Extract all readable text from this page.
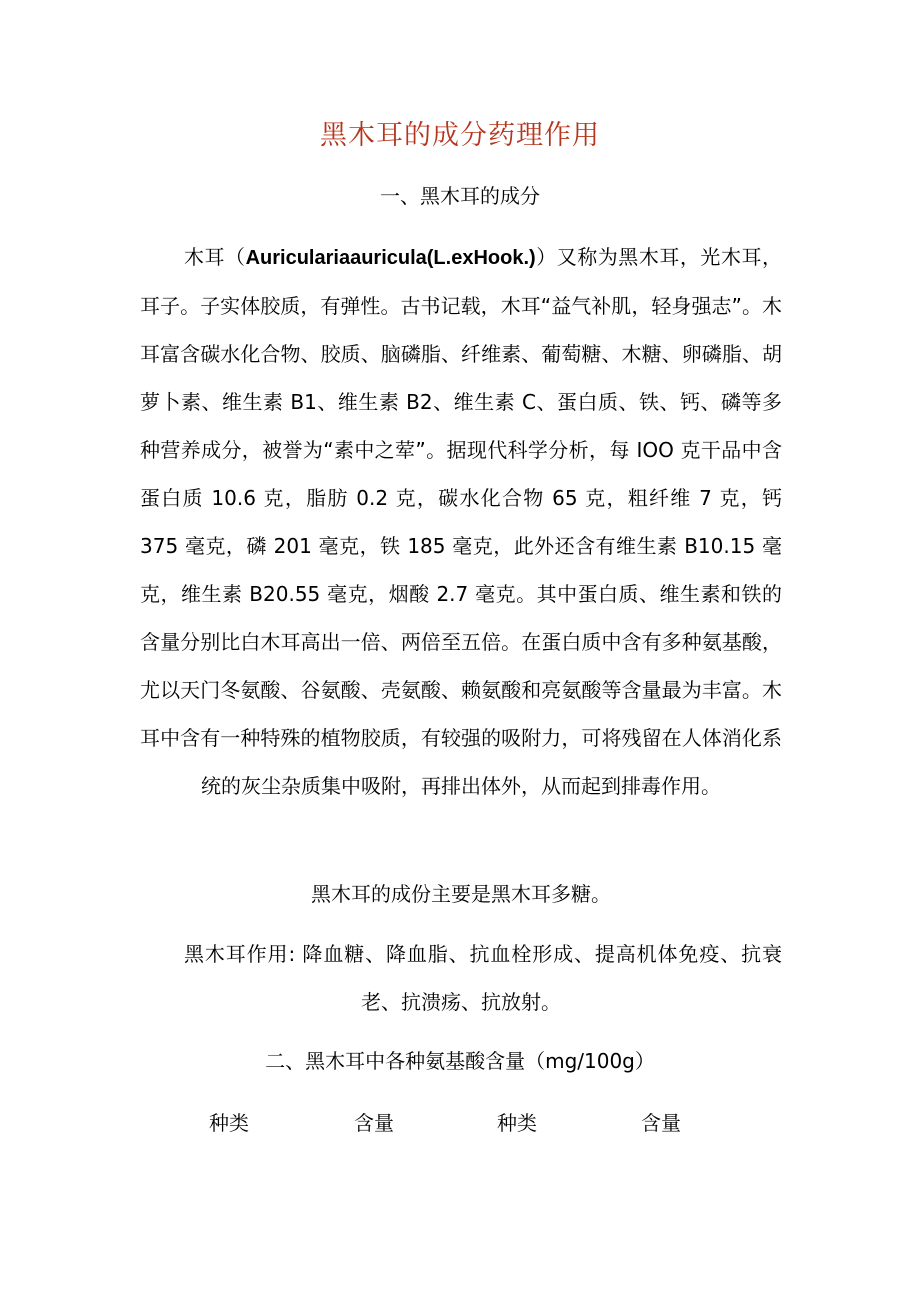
黑木耳的成分药理作用
一、黑木耳的成分

木耳（Auriculariaauricula(L.exHook.)）又称为黑木耳，光木耳，耳子。子实体胶质，有弹性。古书记载，木耳“益气补肌，轻身强志”。木耳富含碳水化合物、胶质、脑磷脂、纤维素、葡萄糖、木糖、卵磷脂、胡萝卜素、维生素 B1、维生素 B2、维生素 C、蛋白质、铁、钙、磷等多种营养成分，被誉为“素中之荤”。据现代科学分析，每 IOO 克干品中含蛋白质 10.6 克，脂肪 0.2 克，碳水化合物 65 克，粗纤维 7 克，钙 375 毫克，磷 201 毫克，铁 185 毫克，此外还含有维生素 B10.15 毫克，维生素 B20.55 毫克，烟酸 2.7 毫克。其中蛋白质、维生素和铁的含量分别比白木耳高出一倍、两倍至五倍。在蛋白质中含有多种氨基酸，尤以天门冬氨酸、谷氨酸、壳氨酸、赖氨酸和亮氨酸等含量最为丰富。木耳中含有一种特殊的植物胶质，有较强的吸附力，可将残留在人体消化系统的灰尘杂质集中吸附，再排出体外，从而起到排毒作用。

黑木耳的成份主要是黑木耳多糖。

黑木耳作用: 降血糖、降血脂、抗血栓形成、提高机体免疫、抗衰老、抗溃疡、抗放射。

二、黑木耳中各种氨基酸含量（mg/100g）
种类	含量	种类	含量
